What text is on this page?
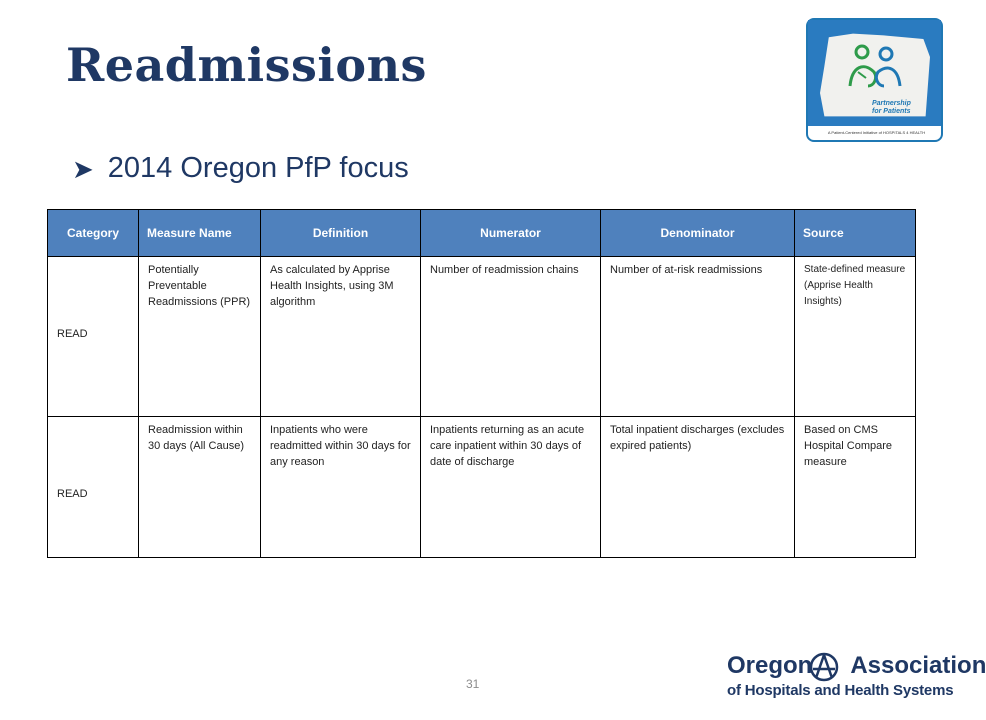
Readmissions
➤ 2014 Oregon PfP focus
Partnership
for Patients
A Patient-Centered Initiative of HOSPITALS 4 HEALTH
Category	Measure Name	Definition	Numerator	Denominator	Source

READ	Potentially Preventable Readmissions (PPR)	As calculated by Apprise Health Insights, using 3M algorithm	Number of readmission chains	Number of at-risk readmissions	State-defined measure (Apprise Health Insights)

READ	Readmission within 30 days (All Cause)	Inpatients who were readmitted within 30 days for any reason	Inpatients returning as an acute care inpatient within 30 days of date of discharge	Total inpatient discharges (excludes expired patients)	Based on CMS Hospital Compare measure
31
Oregon Association
of Hospitals and Health Systems
